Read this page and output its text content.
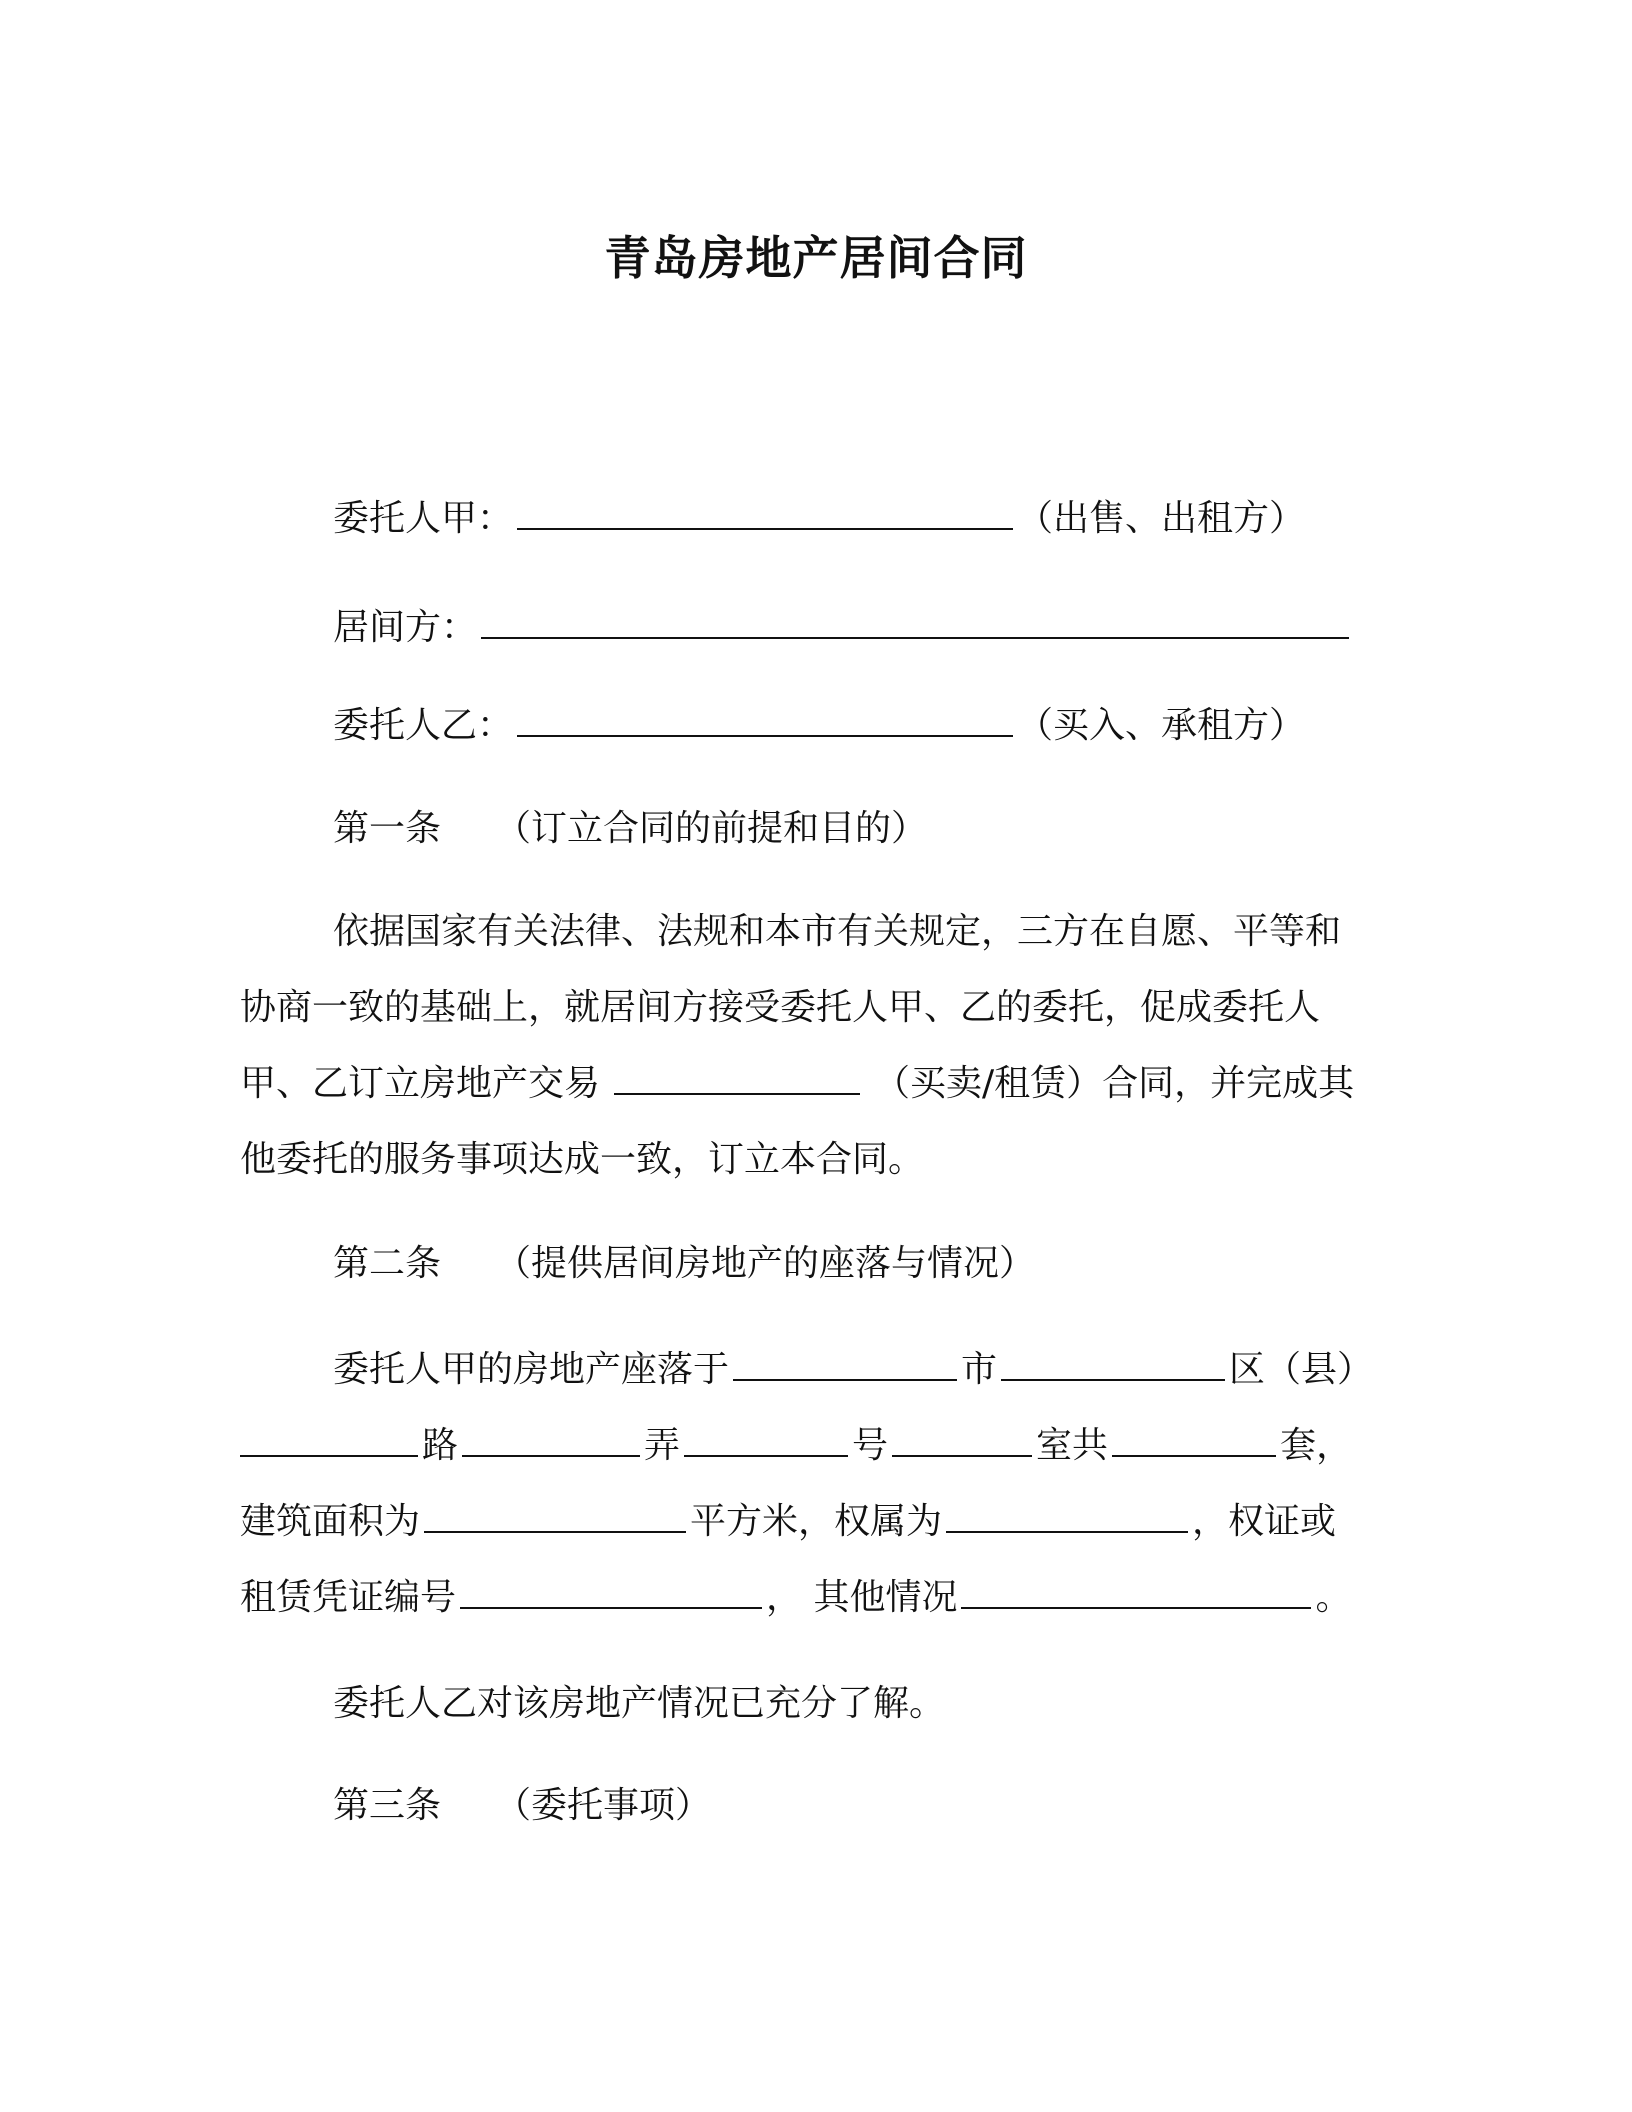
青岛房地产居间合同

委托人甲：	（出售、出租方）

居间方：

委托人乙：	（买入、承租方）

第一条 （订立合同的前提和目的）

依据国家有关法律、法规和本市有关规定，三方在自愿、平等和

协商一致的基础上，就居间方接受委托人甲、乙的委托，促成委托人

甲、乙订立房地产交易	（买卖/租赁）合同，并完成其

他委托的服务事项达成一致，订立本合同。

第二条 （提供居间房地产的座落与情况）

委托人甲的房地产座落于	市	区（县）

路	弄	号	室共	套，

建筑面积为	平方米，权属为	，权证或

租赁凭证编号	， 其他情况	。

委托人乙对该房地产情况已充分了解。

第三条 （委托事项）
